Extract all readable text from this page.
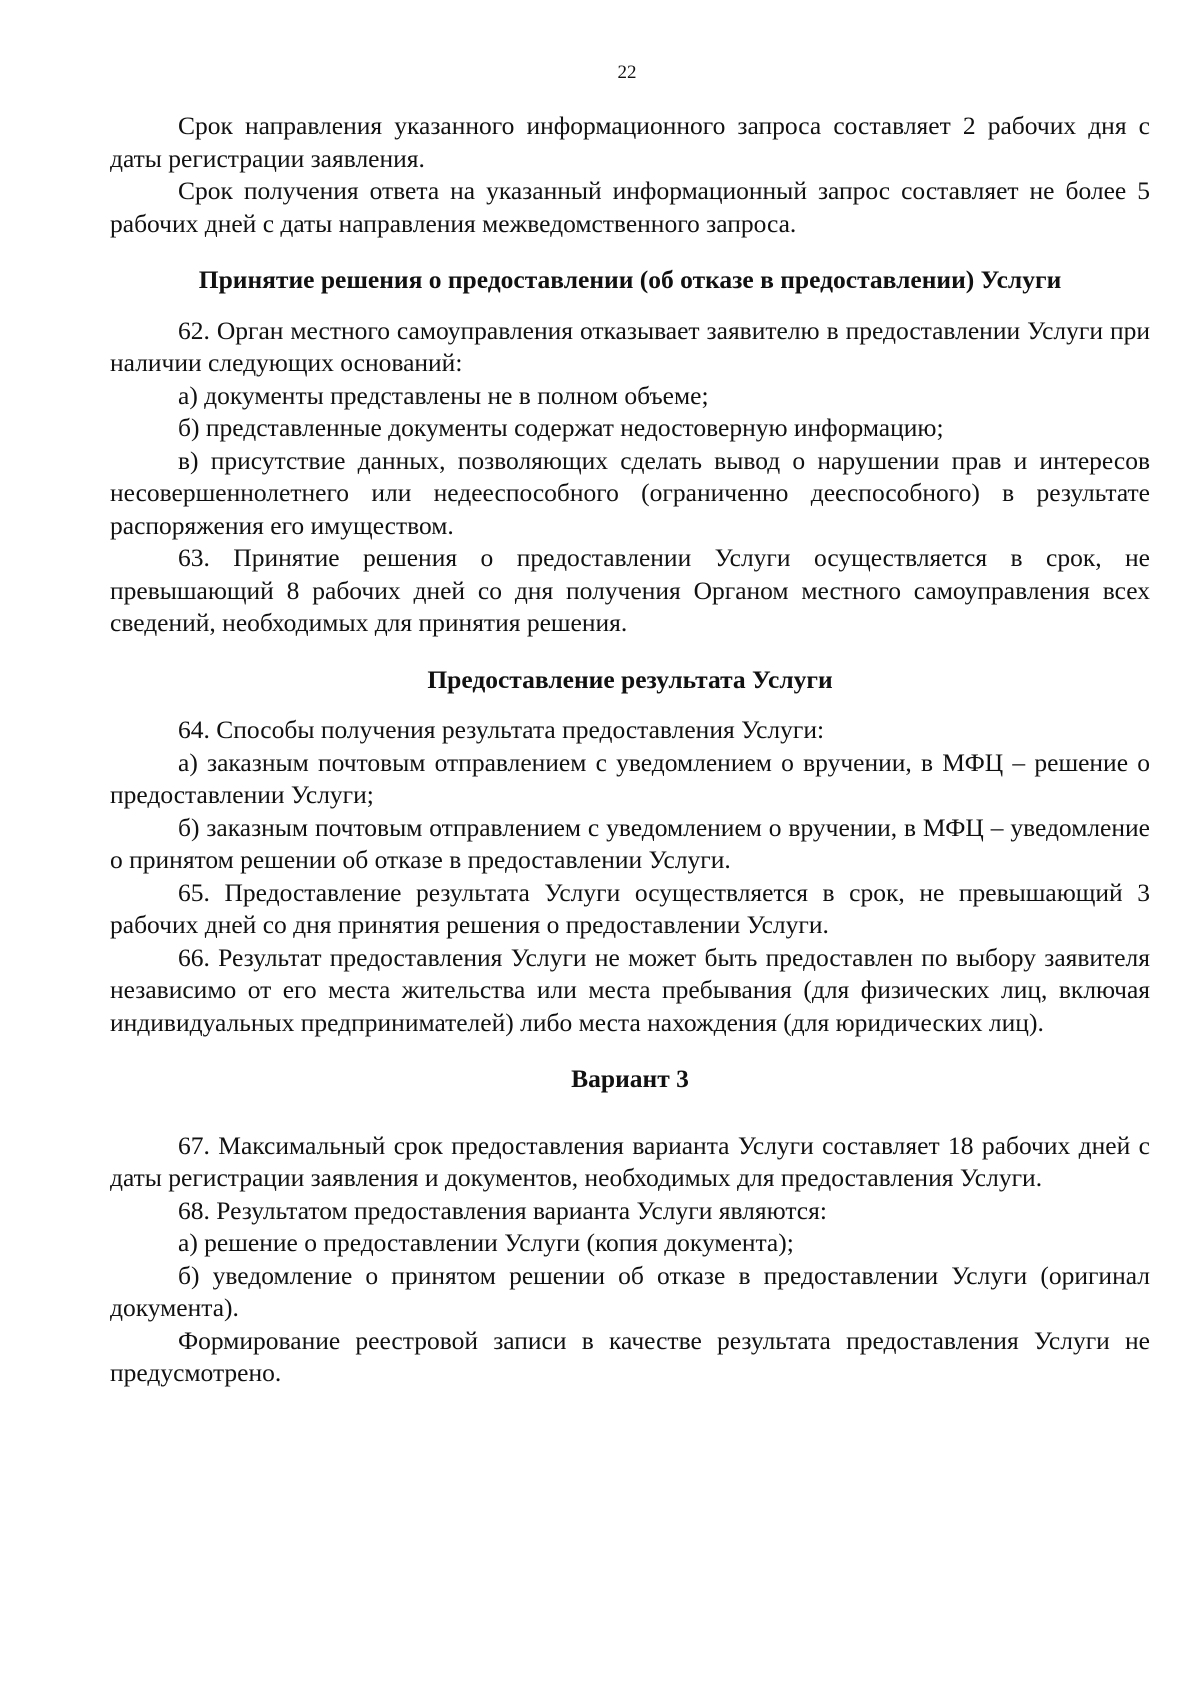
22

Срок направления указанного информационного запроса составляет 2 рабочих дня с даты регистрации заявления.

Срок получения ответа на указанный информационный запрос составляет не более 5 рабочих дней с даты направления межведомственного запроса.

Принятие решения о предоставлении (об отказе в предоставлении) Услуги

62. Орган местного самоуправления отказывает заявителю в предоставлении Услуги при наличии следующих оснований:

а) документы представлены не в полном объеме;

б) представленные документы содержат недостоверную информацию;

в) присутствие данных, позволяющих сделать вывод о нарушении прав и интересов несовершеннолетнего или недееспособного (ограниченно дееспособного) в результате распоряжения его имуществом.

63. Принятие решения о предоставлении Услуги осуществляется в срок, не превышающий 8 рабочих дней со дня получения Органом местного самоуправления всех сведений, необходимых для принятия решения.

Предоставление результата Услуги

64. Способы получения результата предоставления Услуги:

а) заказным почтовым отправлением с уведомлением о вручении, в МФЦ – решение о предоставлении Услуги;

б) заказным почтовым отправлением с уведомлением о вручении, в МФЦ – уведомление о принятом решении об отказе в предоставлении Услуги.

65. Предоставление результата Услуги осуществляется в срок, не превышающий 3 рабочих дней со дня принятия решения о предоставлении Услуги.

66. Результат предоставления Услуги не может быть предоставлен по выбору заявителя независимо от его места жительства или места пребывания (для физических лиц, включая индивидуальных предпринимателей) либо места нахождения (для юридических лиц).

Вариант 3

67. Максимальный срок предоставления варианта Услуги составляет 18 рабочих дней с даты регистрации заявления и документов, необходимых для предоставления Услуги.

68. Результатом предоставления варианта Услуги являются:

а) решение о предоставлении Услуги (копия документа);

б) уведомление о принятом решении об отказе в предоставлении Услуги (оригинал документа).

Формирование реестровой записи в качестве результата предоставления Услуги не предусмотрено.
